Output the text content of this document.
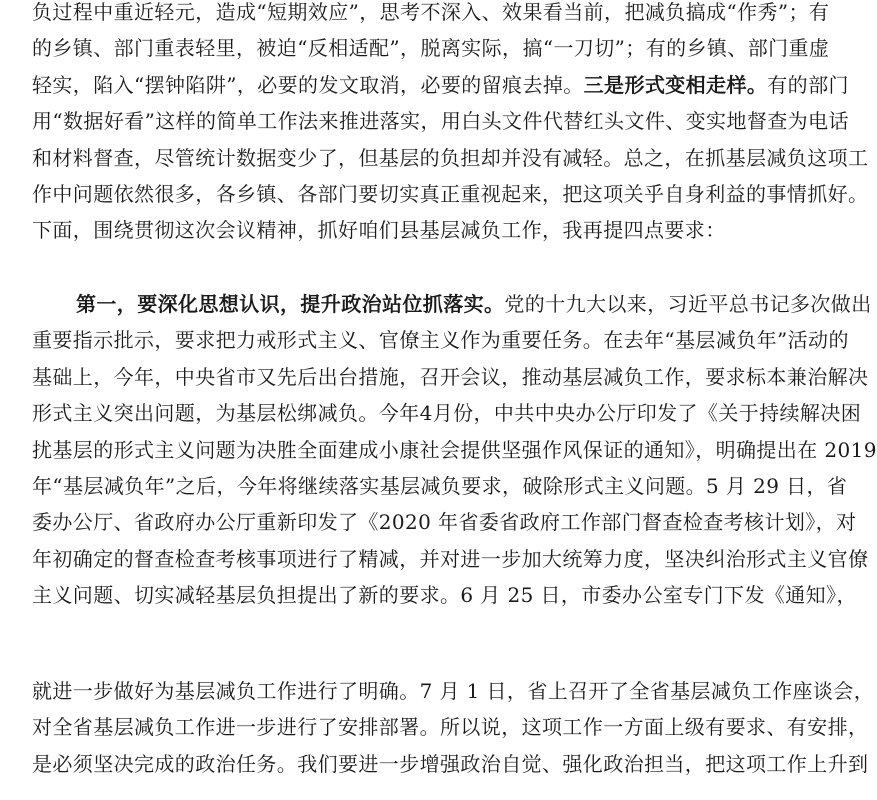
负过程中重近轻元，造成“短期效应”，思考不深入、效果看当前，把减负搞成“作秀”；有
的乡镇、部门重表轻里，被迫“反相适配”，脱离实际，搞“一刀切”；有的乡镇、部门重虚
轻实，陷入“摆钟陷阱”，必要的发文取消，必要的留痕去掉。三是形式变相走样。有的部门
用“数据好看”这样的简单工作法来推进落实，用白头文件代替红头文件、变实地督查为电话
和材料督查，尽管统计数据变少了，但基层的负担却并没有减轻。总之，在抓基层减负这项工
作中问题依然很多，各乡镇、各部门要切实真正重视起来，把这项关乎自身利益的事情抓好。
下面，围绕贯彻这次会议精神，抓好咱们县基层减负工作，我再提四点要求：
第一，要深化思想认识，提升政治站位抓落实。党的十九大以来，习近平总书记多次做出
重要指示批示，要求把力戒形式主义、官僚主义作为重要任务。在去年“基层减负年”活动的
基础上，今年，中央省市又先后出台措施，召开会议，推动基层减负工作，要求标本兼治解决
形式主义突出问题，为基层松绑减负。今年4月份，中共中央办公厅印发了《关于持续解决困
扰基层的形式主义问题为决胜全面建成小康社会提供坚强作风保证的通知》，明确提出在 2019
年“基层减负年”之后，今年将继续落实基层减负要求，破除形式主义问题。5 月 29 日，省
委办公厅、省政府办公厅重新印发了《2020 年省委省政府工作部门督查检查考核计划》，对
年初确定的督查检查考核事项进行了精减，并对进一步加大统筹力度，坚决纠治形式主义官僚
主义问题、切实减轻基层负担提出了新的要求。6 月 25 日，市委办公室专门下发《通知》，
就进一步做好为基层减负工作进行了明确。7 月 1 日，省上召开了全省基层减负工作座谈会，
对全省基层减负工作进一步进行了安排部署。所以说，这项工作一方面上级有要求、有安排，
是必须坚决完成的政治任务。我们要进一步增强政治自觉、强化政治担当，把这项工作上升到
